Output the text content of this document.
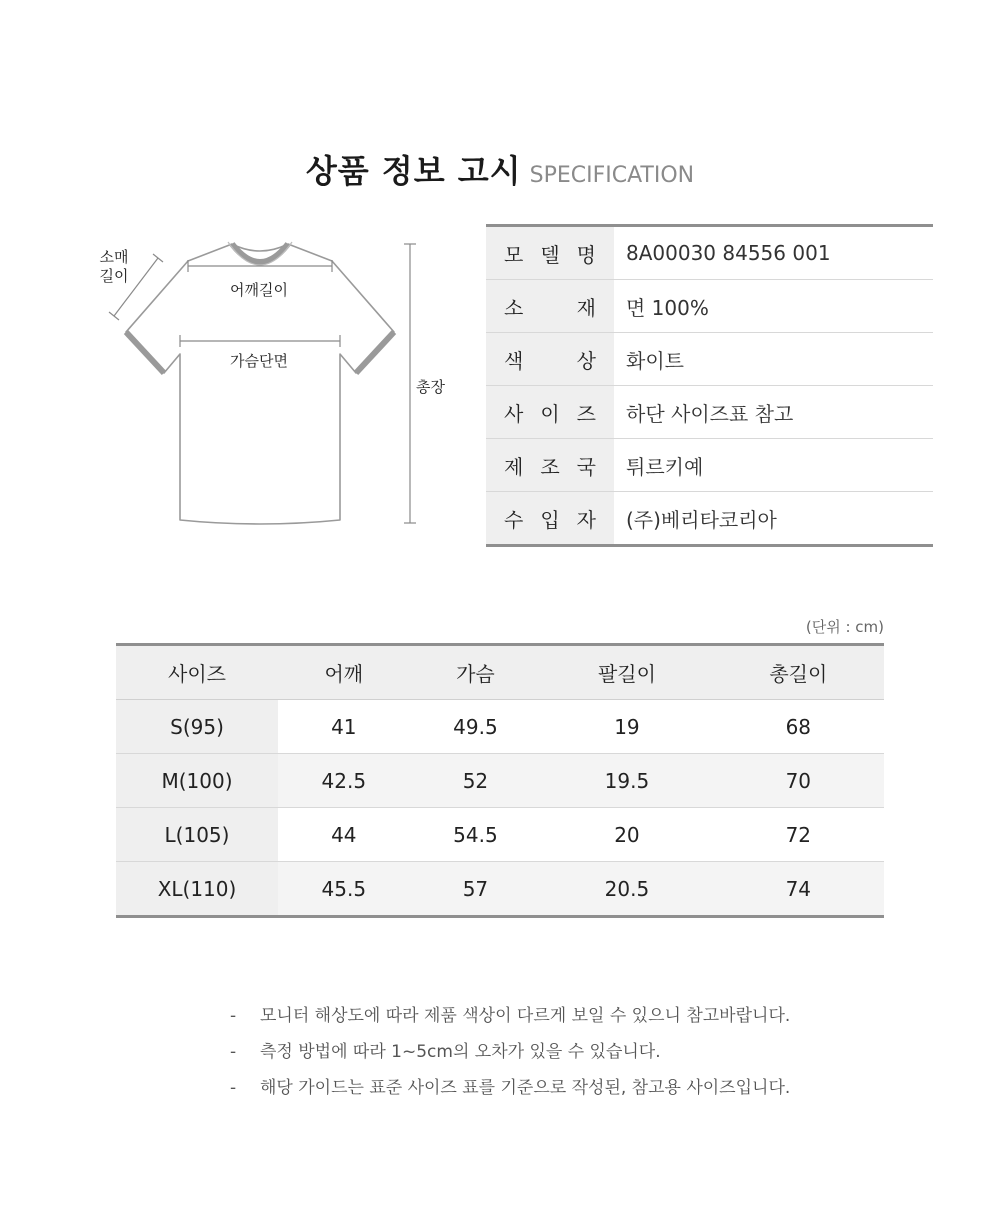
상품 정보 고시 SPECIFICATION
소매
길이
어깨길이
가슴단면
총장
모 델 명	8A00030 84556 001

소 재	면 100%

색 상	화이트

사 이 즈	하단 사이즈표 참고

제 조 국	튀르키예

수 입 자	(주)베리타코리아
(단위 : cm)
사이즈	어깨	가슴	팔길이	총길이
S(95)	41	49.5	19	68
M(100)	42.5	52	19.5	70
L(105)	44	54.5	20	72
XL(110)	45.5	57	20.5	74
- 모니터 해상도에 따라 제품 색상이 다르게 보일 수 있으니 참고바랍니다.
- 측정 방법에 따라 1~5cm의 오차가 있을 수 있습니다.
- 해당 가이드는 표준 사이즈 표를 기준으로 작성된, 참고용 사이즈입니다.
